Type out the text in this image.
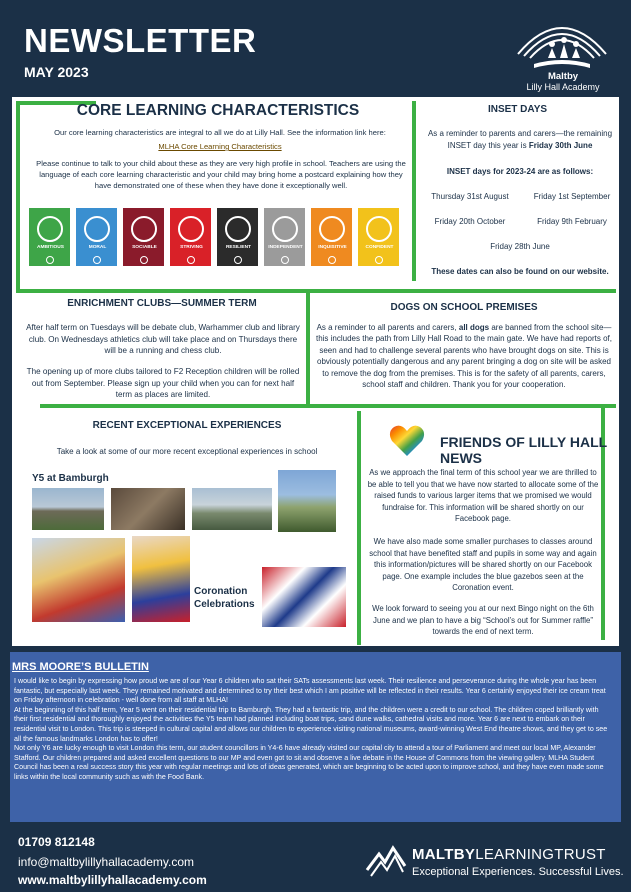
NEWSLETTER
MAY 2023	Maltby
Lilly Hall Academy
CORE LEARNING CHARACTERISTICS
Our core learning characteristics are integral to all we do at Lilly Hall. See the information link here:
MLHA Core Learning Characteristics
Please continue to talk to your child about these as they are very high profile in school. Teachers are using the language of each core learning characteristic and your child may bring home a postcard explaining how they have demonstrated one of these when they have done it exceptionally well.
AMBITIOUS	MORAL	SOCIABLE	STRIVING	RESILIENT	INDEPENDENT	INQUISITIVE	CONFIDENT
INSET DAYS
As a reminder to parents and carers—the remaining INSET day this year is Friday 30th June
INSET days for 2023-24 are as follows:
Thursday 31st August	Friday 1st September
Friday 20th October	Friday 9th February
Friday 28th June
These dates can also be found on our website.
ENRICHMENT CLUBS—SUMMER TERM
After half term on Tuesdays will be debate club, Warhammer club and library club. On Wednesdays athletics club will take place and on Thursdays there will be a running and chess club.
The opening up of more clubs tailored to F2 Reception children will be rolled out from September. Please sign up your child when you can for next half term as places are limited.
DOGS ON SCHOOL PREMISES
As a reminder to all parents and carers, all dogs are banned from the school site—this includes the path from Lilly Hall Road to the main gate. We have had reports of, seen and had to challenge several parents who have brought dogs on site. This is obviously potentially dangerous and any parent bringing a dog on site will be asked to remove the dog from the premises. This is for the safety of all parents, carers, school staff and children. Thank you for your cooperation.
RECENT EXCEPTIONAL EXPERIENCES
Take a look at some of our more recent exceptional experiences in school
Y5 at Bamburgh
Coronation Celebrations
FRIENDS OF LILLY HALL NEWS
As we approach the final term of this school year we are thrilled to be able to tell you that we have now started to allocate some of the raised funds to various larger items that we promised we would fundraise for. This information will be shared shortly on our Facebook page.
We have also made some smaller purchases to classes around school that have benefited staff and pupils in some way and again this information/pictures will be shared shortly on our Facebook page. One example includes the blue gazebos seen at the Coronation event.
We look forward to seeing you at our next Bingo night on the 6th June and we plan to have a big “School’s out for Summer raffle” towards the end of next term.
MRS MOORE’S BULLETIN
I would like to begin by expressing how proud we are of our Year 6 children who sat their SATs assessments last week. Their resilience and perseverance during the whole year has been fantastic, but especially last week. They remained motivated and determined to try their best which I am positive will be reflected in their results. Year 6 certainly enjoyed their ice cream treat on Friday afternoon in celebration - well done from all staff at MLHA!
At the beginning of this half term, Year 5 went on their residential trip to Bamburgh. They had a fantastic trip, and the children were a credit to our school. The children coped brilliantly with their first residential and thoroughly enjoyed the activities the Y5 team had planned including boat trips, sand dune walks, cathedral visits and more. Year 6 are next to embark on their residential visit to London. This trip is steeped in cultural capital and allows our children to experience visiting national museums, award-winning West End theatre shows, and they get to see all the famous landmarks London has to offer!
Not only Y6 are lucky enough to visit London this term, our student councillors in Y4-6 have already visited our capital city to attend a tour of Parliament and meet our local MP, Alexander Stafford. Our children prepared and asked excellent questions to our MP and even got to sit and observe a live debate in the House of Commons from the viewing gallery. MLHA Student Council has been a real success story this year with regular meetings and lots of ideas generated, which are beginning to be acted upon to improve school, and they have even made some links within the local community such as with the Food Bank.
01709 812148
info@maltbylillyhallacademy.com
www.maltbylillyhallacademy.com
MALTBYLEARNINGTRUST
Exceptional Experiences. Successful Lives.
